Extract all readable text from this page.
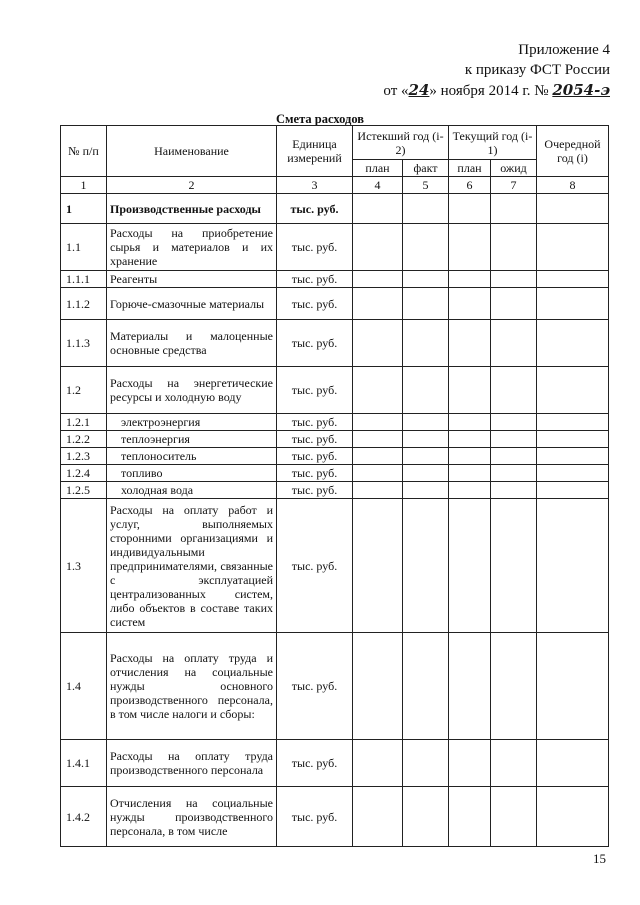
Приложение 4
к приказу ФСТ России
от «24» ноября 2014 г. № 2054-э
Смета расходов
№ п/п	Наименование	Единица измерений	Истекший год (i-2)		Текущий год (i-1)		Очередной год (i)
			план	факт	план	ожид	
1	2	3	4	5	6	7	8
1	Производственные расходы	тыс. руб.					
1.1	Расходы на приобретение сырья и материалов и их хранение	тыс. руб.					
1.1.1	Реагенты	тыс. руб.					
1.1.2	Горюче-смазочные материалы	тыс. руб.					
1.1.3	Материалы и малоценные основные средства	тыс. руб.					
1.2	Расходы на энергетические ресурсы и холодную воду	тыс. руб.					
1.2.1	электроэнергия	тыс. руб.					
1.2.2	теплоэнергия	тыс. руб.					
1.2.3	теплоноситель	тыс. руб.					
1.2.4	топливо	тыс. руб.					
1.2.5	холодная вода	тыс. руб.					
1.3	Расходы на оплату работ и услуг, выполняемых сторонними организациями и индивидуальными предпринимателями, связанные с эксплуатацией централизованных систем, либо объектов в составе таких систем	тыс. руб.					
1.4	Расходы на оплату труда и отчисления на социальные нужды основного производственного персонала, в том числе налоги и сборы:	тыс. руб.					
1.4.1	Расходы на оплату труда производственного персонала	тыс. руб.					
1.4.2	Отчисления на социальные нужды производственного персонала, в том числе	тыс. руб.					
15
